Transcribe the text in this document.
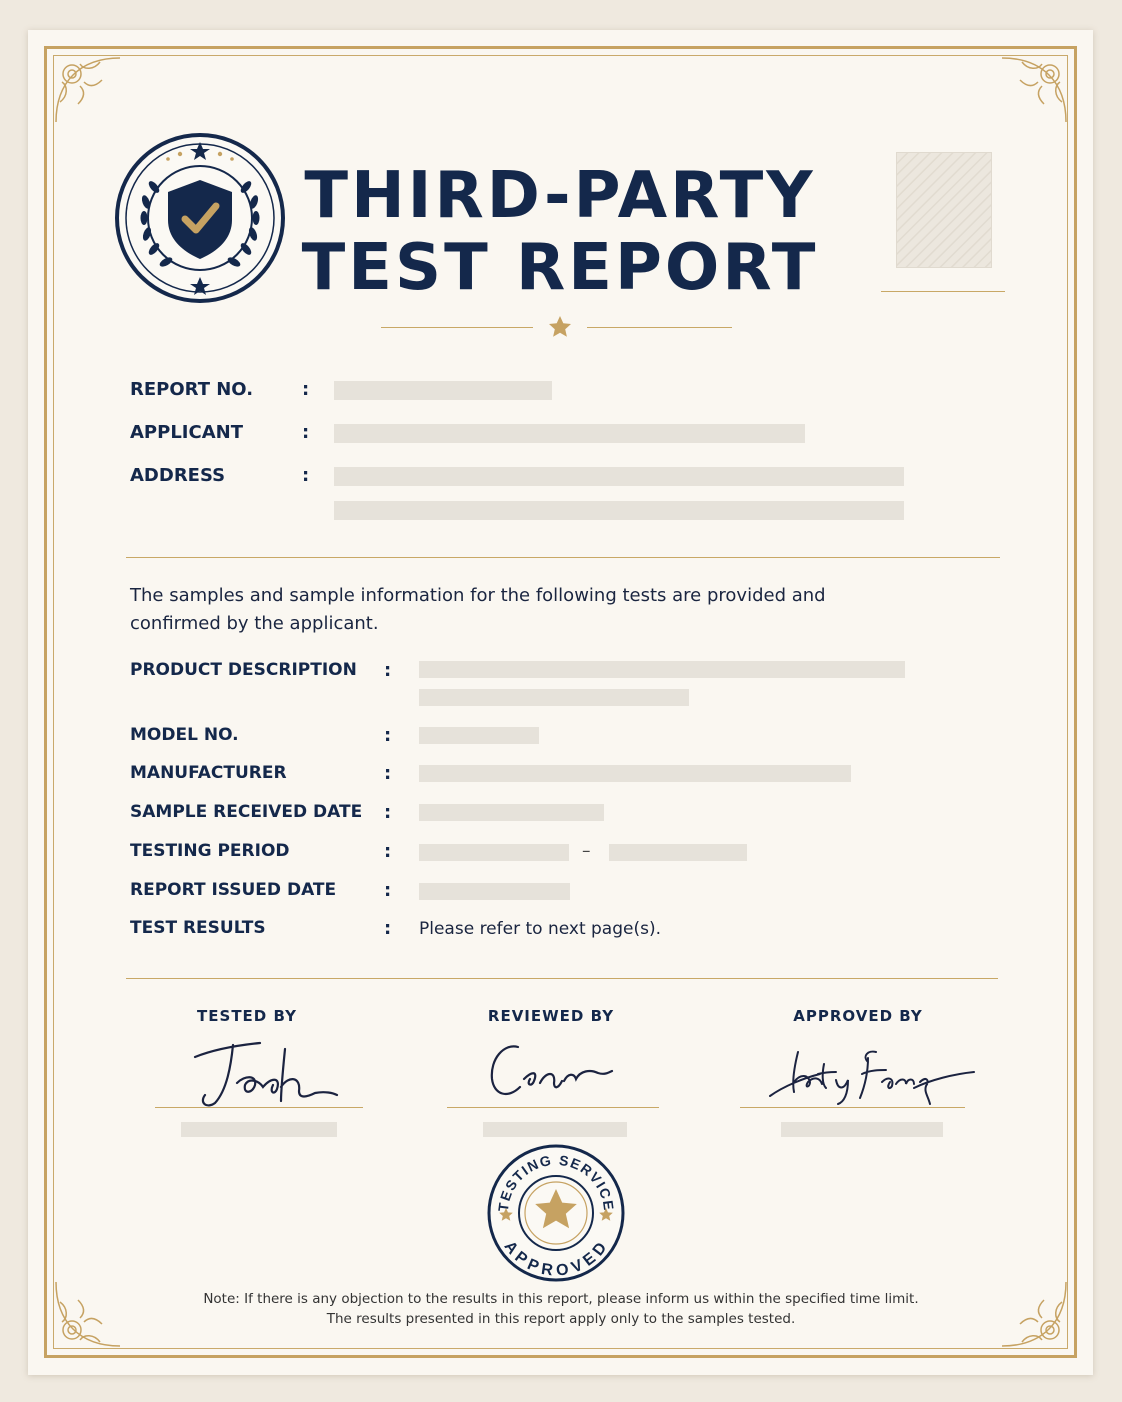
THIRD-PARTY
TEST REPORT
REPORT NO.	:
APPLICANT	:
ADDRESS	:
The samples and sample information for the following tests are provided and
confirmed by the applicant.
PRODUCT DESCRIPTION :
MODEL NO.	:
MANUFACTURER	:
SAMPLE RECEIVED DATE :
TESTING PERIOD	:	–
REPORT ISSUED DATE	:
TEST RESULTS	: Please refer to next page(s).
TESTED BY	REVIEWED BY	APPROVED BY
TESTING SERVICE
APPROVED
Note: If there is any objection to the results in this report, please inform us within the specified time limit.
The results presented in this report apply only to the samples tested.
